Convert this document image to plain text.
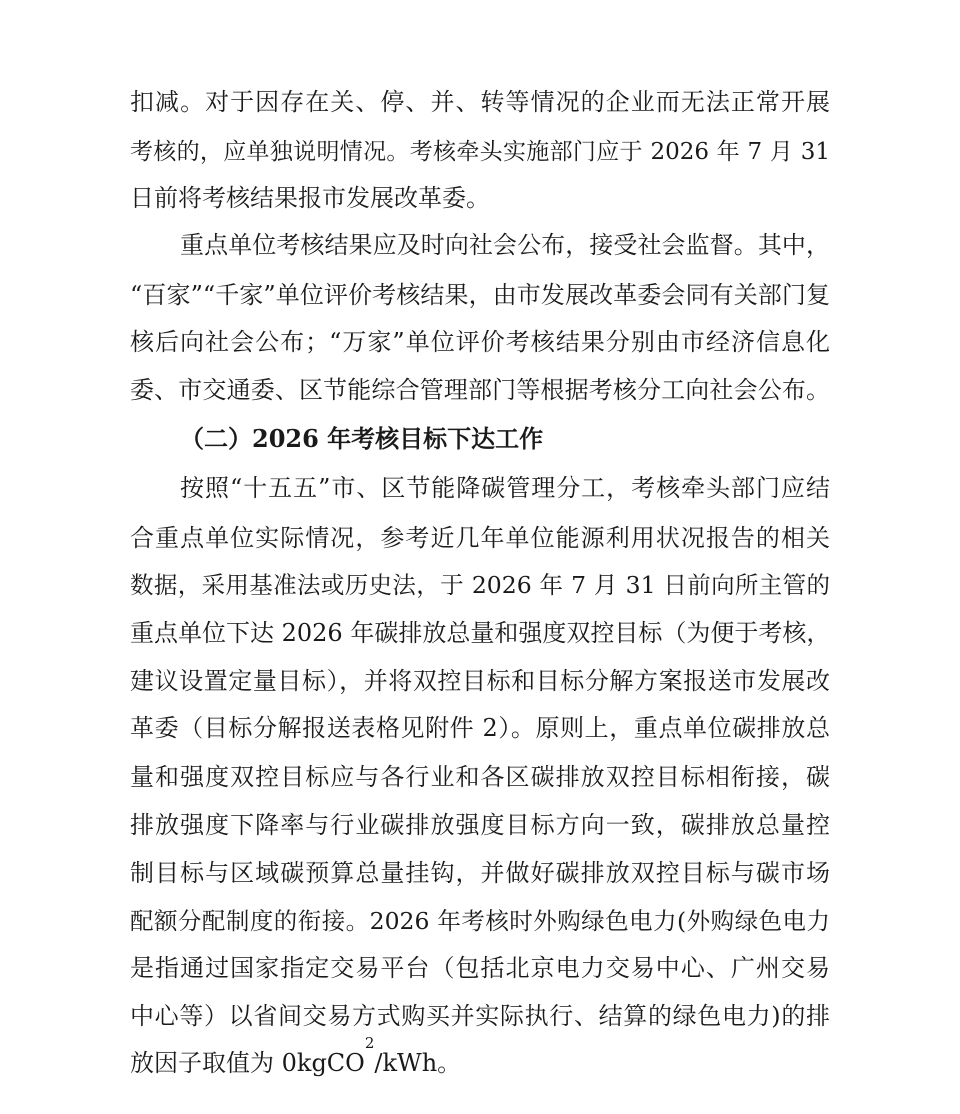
扣减。对于因存在关、停、并、转等情况的企业而无法正常开展
考核的，应单独说明情况。考核牵头实施部门应于 2026 年 7 月 31
日前将考核结果报市发展改革委。
重点单位考核结果应及时向社会公布，接受社会监督。其中，
“百家”“千家”单位评价考核结果，由市发展改革委会同有关部门复
核后向社会公布；“万家”单位评价考核结果分别由市经济信息化
委、市交通委、区节能综合管理部门等根据考核分工向社会公布。
（二）2026 年考核目标下达工作
按照“十五五”市、区节能降碳管理分工，考核牵头部门应结
合重点单位实际情况，参考近几年单位能源利用状况报告的相关
数据，采用基准法或历史法，于 2026 年 7 月 31 日前向所主管的
重点单位下达 2026 年碳排放总量和强度双控目标（为便于考核，
建议设置定量目标），并将双控目标和目标分解方案报送市发展改
革委（目标分解报送表格见附件 2）。原则上，重点单位碳排放总
量和强度双控目标应与各行业和各区碳排放双控目标相衔接，碳
排放强度下降率与行业碳排放强度目标方向一致，碳排放总量控
制目标与区域碳预算总量挂钩，并做好碳排放双控目标与碳市场
配额分配制度的衔接。2026 年考核时外购绿色电力(外购绿色电力
是指通过国家指定交易平台（包括北京电力交易中心、广州交易
中心等）以省间交易方式购买并实际执行、结算的绿色电力)的排
放因子取值为 0kgCO
2
/kWh。
